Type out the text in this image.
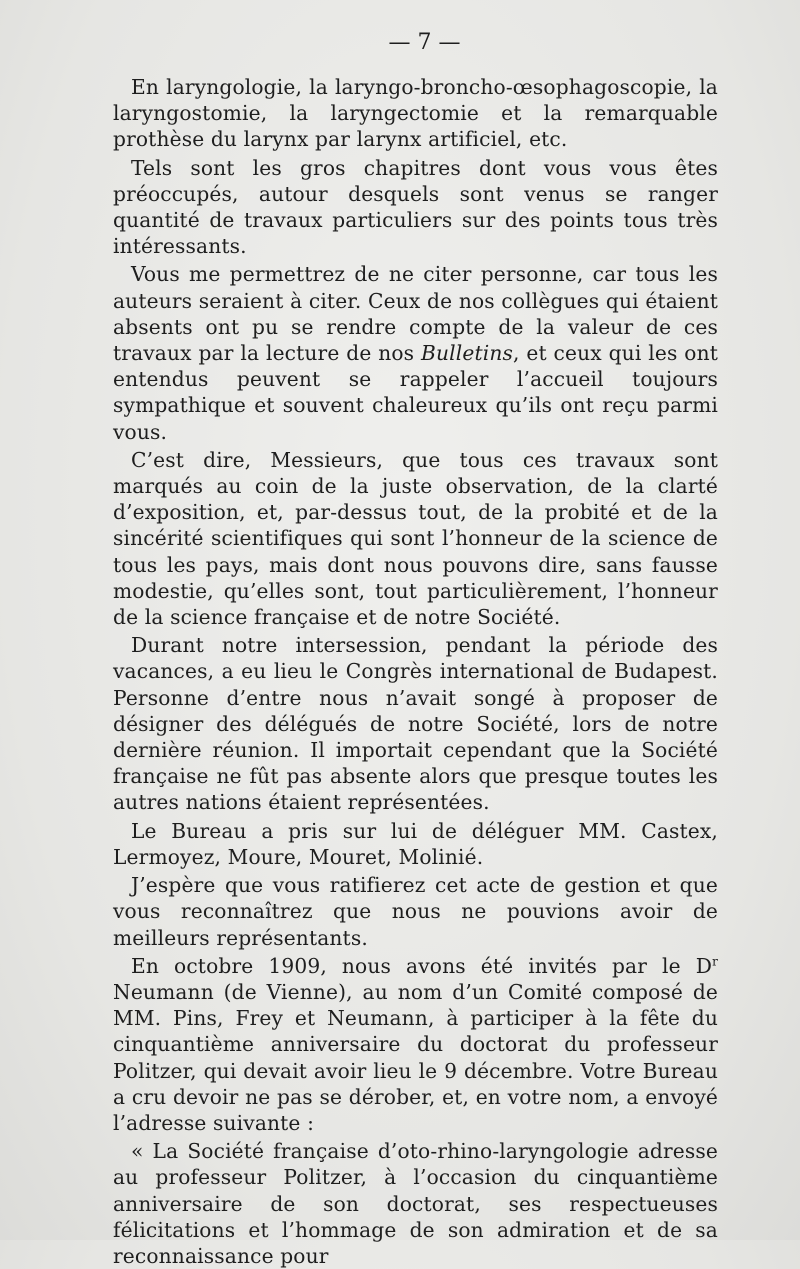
— 7 —

En laryngologie, la laryngo-broncho-œsophagoscopie, la laryngostomie, la laryngectomie et la remarquable prothèse du larynx par larynx artificiel, etc.

Tels sont les gros chapitres dont vous vous êtes préoccupés, autour desquels sont venus se ranger quantité de travaux particuliers sur des points tous très intéressants.

Vous me permettrez de ne citer personne, car tous les auteurs seraient à citer. Ceux de nos collègues qui étaient absents ont pu se rendre compte de la valeur de ces travaux par la lecture de nos Bulletins, et ceux qui les ont entendus peuvent se rappeler l’accueil toujours sympathique et souvent chaleureux qu’ils ont reçu parmi vous.

C’est dire, Messieurs, que tous ces travaux sont marqués au coin de la juste observation, de la clarté d’exposition, et, par-dessus tout, de la probité et de la sincérité scientifiques qui sont l’honneur de la science de tous les pays, mais dont nous pouvons dire, sans fausse modestie, qu’elles sont, tout particulièrement, l’honneur de la science française et de notre Société.

Durant notre intersession, pendant la période des vacances, a eu lieu le Congrès international de Budapest. Personne d’entre nous n’avait songé à proposer de désigner des délégués de notre Société, lors de notre dernière réunion. Il importait cependant que la Société française ne fût pas absente alors que presque toutes les autres nations étaient représentées.

Le Bureau a pris sur lui de déléguer MM. Castex, Lermoyez, Moure, Mouret, Molinié.

J’espère que vous ratifierez cet acte de gestion et que vous reconnaîtrez que nous ne pouvions avoir de meilleurs représentants.

En octobre 1909, nous avons été invités par le $D^r$ Neumann (de Vienne), au nom d’un Comité composé de MM. Pins, Frey et Neumann, à participer à la fête du cinquantième anniversaire du doctorat du professeur Politzer, qui devait avoir lieu le 9 décembre. Votre Bureau a cru devoir ne pas se dérober, et, en votre nom, a envoyé l’adresse suivante :

« La Société française d’oto-rhino-laryngologie adresse au professeur Politzer, à l’occasion du cinquantième anniversaire de son doctorat, ses respectueuses félicitations et l’hommage de son admiration et de sa reconnaissance pour
